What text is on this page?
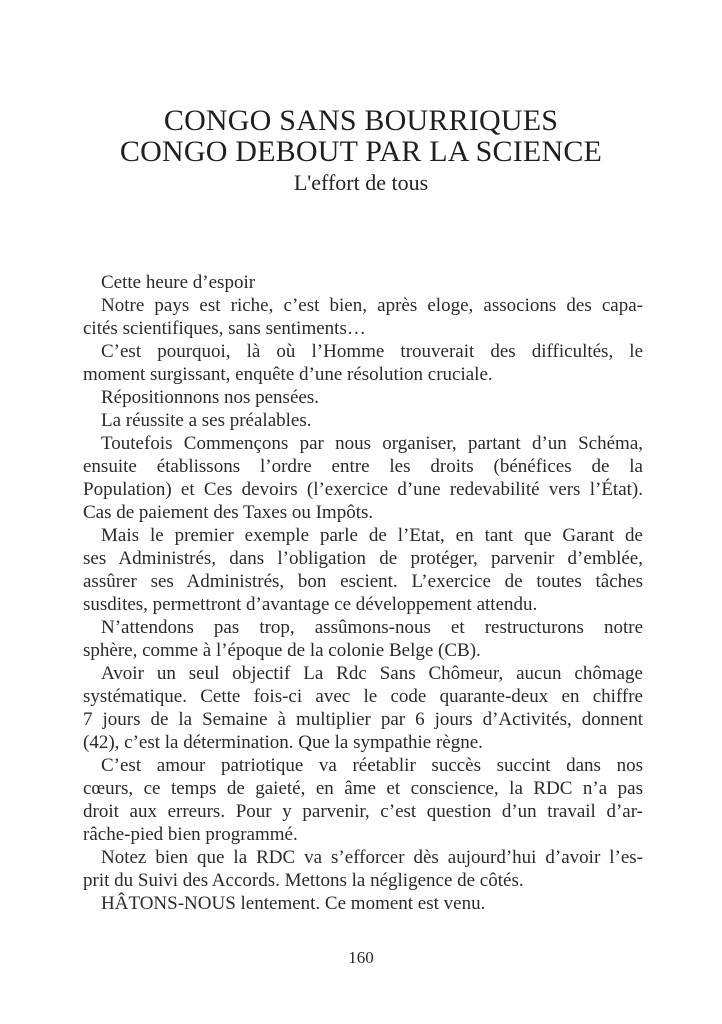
CONGO SANS BOURRIQUES
CONGO DEBOUT PAR LA SCIENCE
L'effort de tous
Cette heure d’espoir
Notre pays est riche, c’est bien, après eloge, associons des capa-
cités scientifiques, sans sentiments…
C’est pourquoi, là où l’Homme trouverait des difficultés, le
moment surgissant, enquête d’une résolution cruciale.
Répositionnons nos pensées.
La réussite a ses préalables.
Toutefois Commençons par nous organiser, partant d’un Schéma,
ensuite établissons l’ordre entre les droits (bénéfices de la
Population) et Ces devoirs (l’exercice d’une redevabilité vers l’État).
Cas de paiement des Taxes ou Impôts.
Mais le premier exemple parle de l’Etat, en tant que Garant de
ses Administrés, dans l’obligation de protéger, parvenir d’emblée,
assûrer ses Administrés, bon escient. L’exercice de toutes tâches
susdites, permettront d’avantage ce développement attendu.
N’attendons pas trop, assûmons-nous et restructurons notre
sphère, comme à l’époque de la colonie Belge (CB).
Avoir un seul objectif La Rdc Sans Chômeur, aucun chômage
systématique. Cette fois-ci avec le code quarante-deux en chiffre
7 jours de la Semaine à multiplier par 6 jours d’Activités, donnent
(42), c’est la détermination. Que la sympathie règne.
C’est amour patriotique va réetablir succès succint dans nos
cœurs, ce temps de gaieté, en âme et conscience, la RDC n’a pas
droit aux erreurs. Pour y parvenir, c’est question d’un travail d’ar-
râche-pied bien programmé.
Notez bien que la RDC va s’efforcer dès aujourd’hui d’avoir l’es-
prit du Suivi des Accords. Mettons la négligence de côtés.
HÂTONS-NOUS lentement. Ce moment est venu.
160
